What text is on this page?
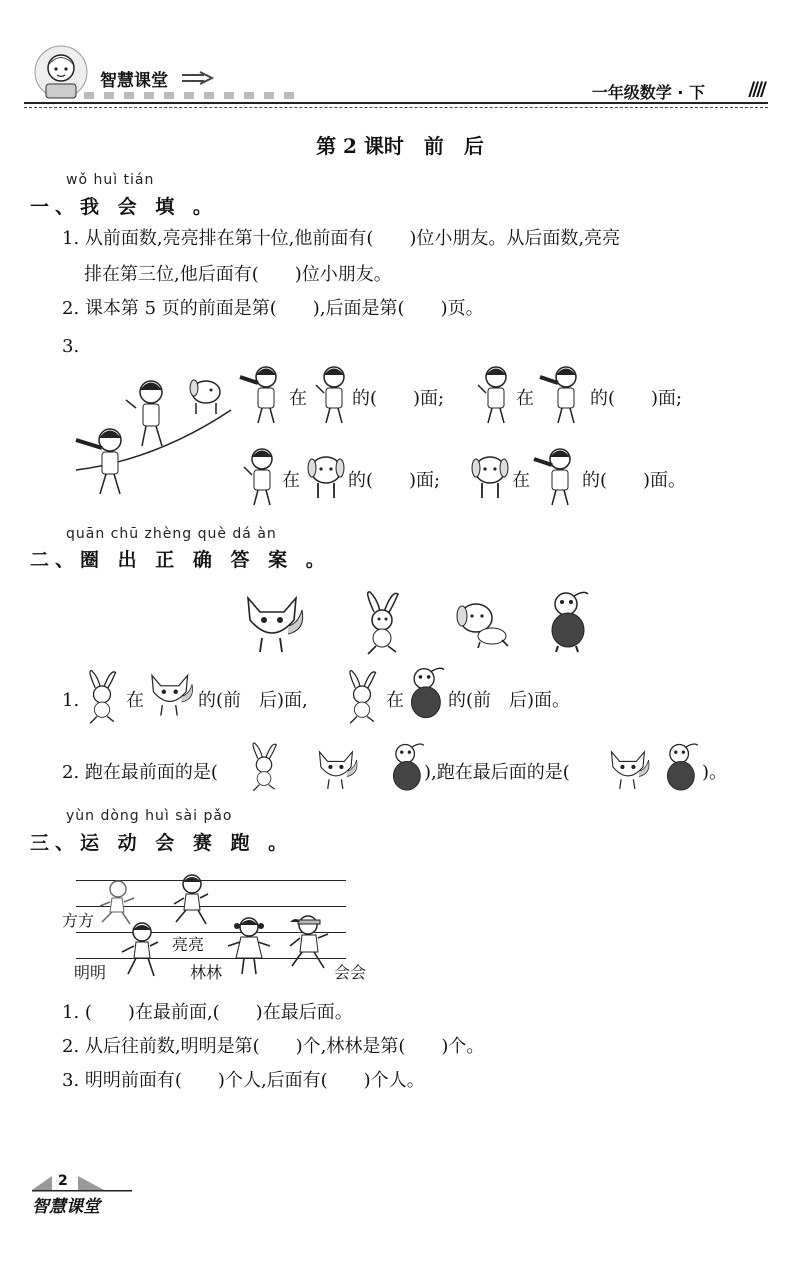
智慧课堂
一年级数学 · 下 ////
第 2 课时　前　后
wǒ huì tián
一、我 会 填 。
1. 从前面数,亮亮排在第十位,他前面有(　　)位小朋友。从后面数,亮亮
排在第三位,他后面有(　　)位小朋友。
2. 课本第 5 页的前面是第(　　),后面是第(　　)页。
3.
在	的(　　)面;	在	的(　　)面;
在	的(　　)面;	在	的(　　)面。
quān chū zhèng què dá àn
二、圈 出 正 确 答 案 。
1.	在	的(前　后)面,	在 的(前　后)面。
2. 跑在最前面的是(	),跑在最后面的是(	)。
yùn dòng huì sài pǎo
三、运 动 会 赛 跑 。
方方
亮亮
明明	林林	会会
1. (　　)在最前面,(　　)在最后面。
2. 从后往前数,明明是第(　　)个,林林是第(　　)个。
3. 明明前面有(　　)个人,后面有(　　)个人。
2
智慧课堂
